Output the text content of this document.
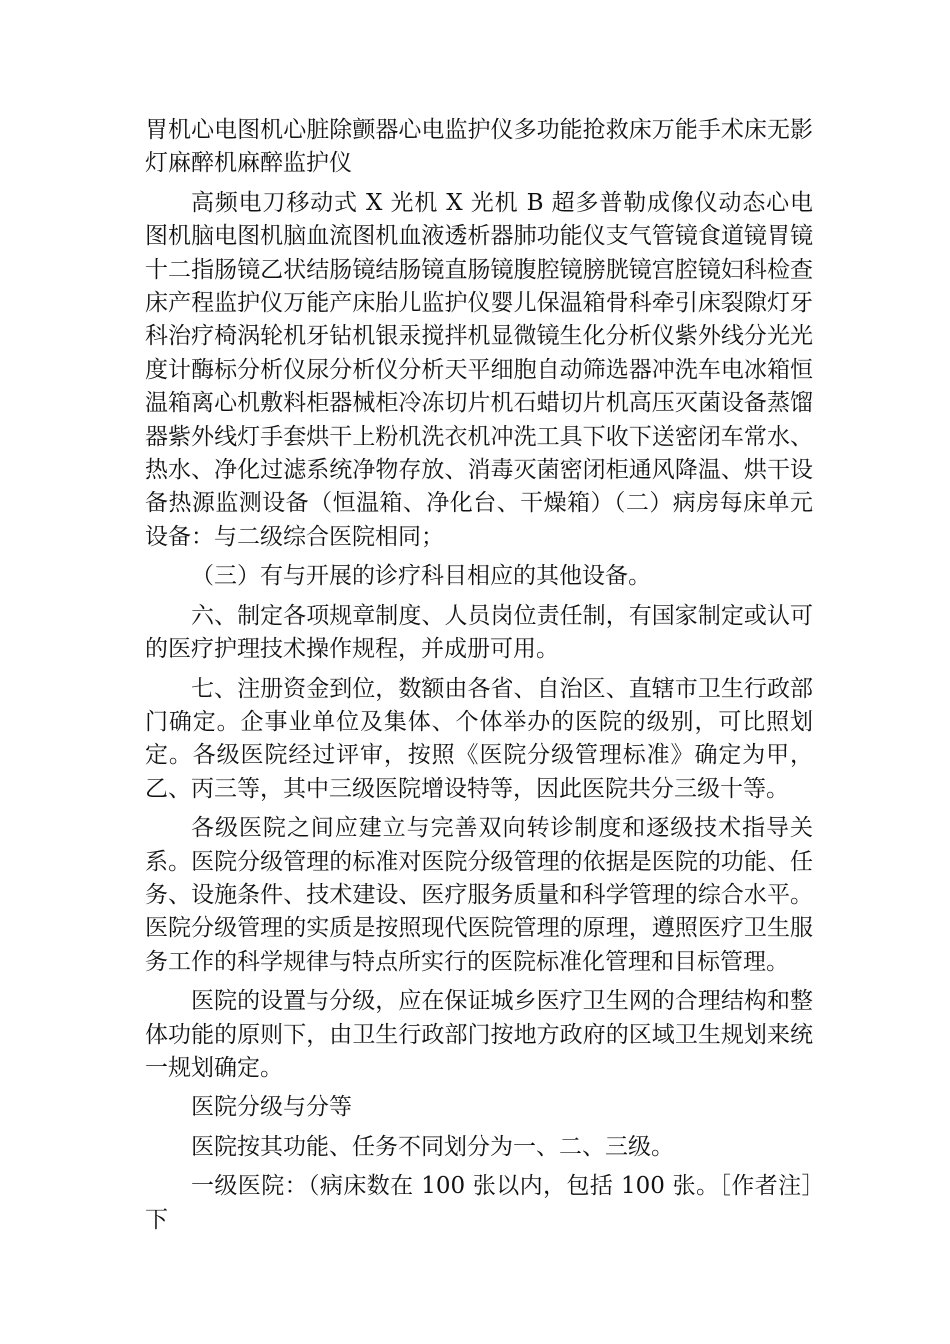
胃机心电图机心脏除颤器心电监护仪多功能抢救床万能手术床无影灯麻醉机麻醉监护仪

高频电刀移动式 X 光机 X 光机 B 超多普勒成像仪动态心电图机脑电图机脑血流图机血液透析器肺功能仪支气管镜食道镜胃镜十二指肠镜乙状结肠镜结肠镜直肠镜腹腔镜膀胱镜宫腔镜妇科检查床产程监护仪万能产床胎儿监护仪婴儿保温箱骨科牵引床裂隙灯牙科治疗椅涡轮机牙钻机银汞搅拌机显微镜生化分析仪紫外线分光光度计酶标分析仪尿分析仪分析天平细胞自动筛选器冲洗车电冰箱恒温箱离心机敷料柜器械柜冷冻切片机石蜡切片机高压灭菌设备蒸馏器紫外线灯手套烘干上粉机洗衣机冲洗工具下收下送密闭车常水、热水、净化过滤系统净物存放、消毒灭菌密闭柜通风降温、烘干设备热源监测设备（恒温箱、净化台、干燥箱）（二）病房每床单元设备：与二级综合医院相同；

（三）有与开展的诊疗科目相应的其他设备。

六、制定各项规章制度、人员岗位责任制，有国家制定或认可的医疗护理技术操作规程，并成册可用。

七、注册资金到位，数额由各省、自治区、直辖市卫生行政部门确定。企事业单位及集体、个体举办的医院的级别，可比照划定。各级医院经过评审，按照《医院分级管理标准》确定为甲，乙、丙三等，其中三级医院增设特等，因此医院共分三级十等。

各级医院之间应建立与完善双向转诊制度和逐级技术指导关系。医院分级管理的标准对医院分级管理的依据是医院的功能、任务、设施条件、技术建设、医疗服务质量和科学管理的综合水平。医院分级管理的实质是按照现代医院管理的原理，遵照医疗卫生服务工作的科学规律与特点所实行的医院标准化管理和目标管理。

医院的设置与分级，应在保证城乡医疗卫生网的合理结构和整体功能的原则下，由卫生行政部门按地方政府的区域卫生规划来统一规划确定。

医院分级与分等

医院按其功能、任务不同划分为一、二、三级。

一级医院：（病床数在 100 张以内，包括 100 张。［作者注］下
